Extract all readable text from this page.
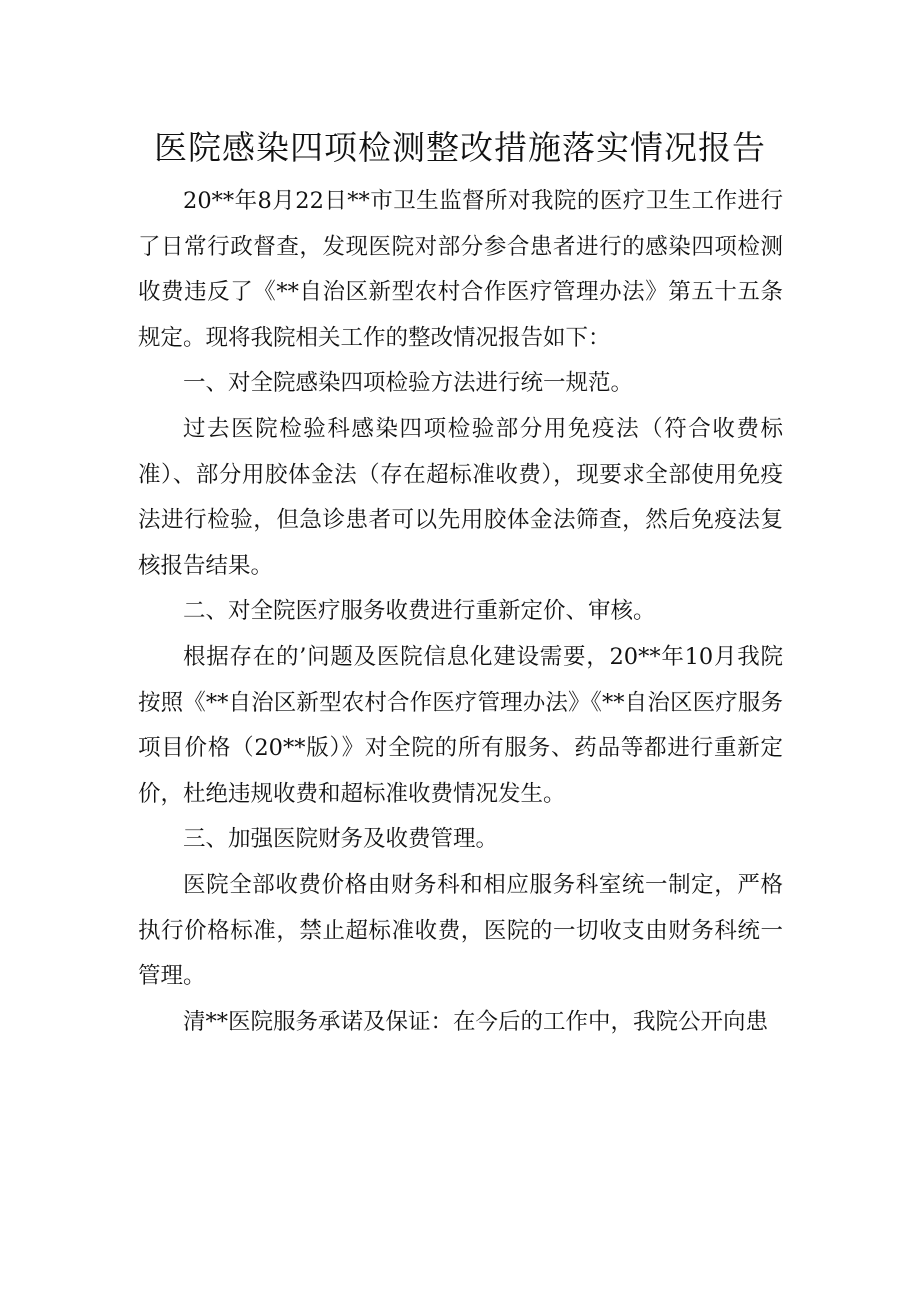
医院感染四项检测整改措施落实情况报告

20**年8月22日**市卫生监督所对我院的医疗卫生工作进行了日常行政督查，发现医院对部分参合患者进行的感染四项检测收费违反了《**自治区新型农村合作医疗管理办法》第五十五条规定。现将我院相关工作的整改情况报告如下：

一、对全院感染四项检验方法进行统一规范。

过去医院检验科感染四项检验部分用免疫法（符合收费标准）、部分用胶体金法（存在超标准收费），现要求全部使用免疫法进行检验，但急诊患者可以先用胶体金法筛查，然后免疫法复核报告结果。

二、对全院医疗服务收费进行重新定价、审核。

根据存在的’问题及医院信息化建设需要，20**年10月我院按照《**自治区新型农村合作医疗管理办法》《**自治区医疗服务项目价格（20**版）》对全院的所有服务、药品等都进行重新定价，杜绝违规收费和超标准收费情况发生。

三、加强医院财务及收费管理。

医院全部收费价格由财务科和相应服务科室统一制定，严格执行价格标准，禁止超标准收费，医院的一切收支由财务科统一管理。

清**医院服务承诺及保证：在今后的工作中，我院公开向患
